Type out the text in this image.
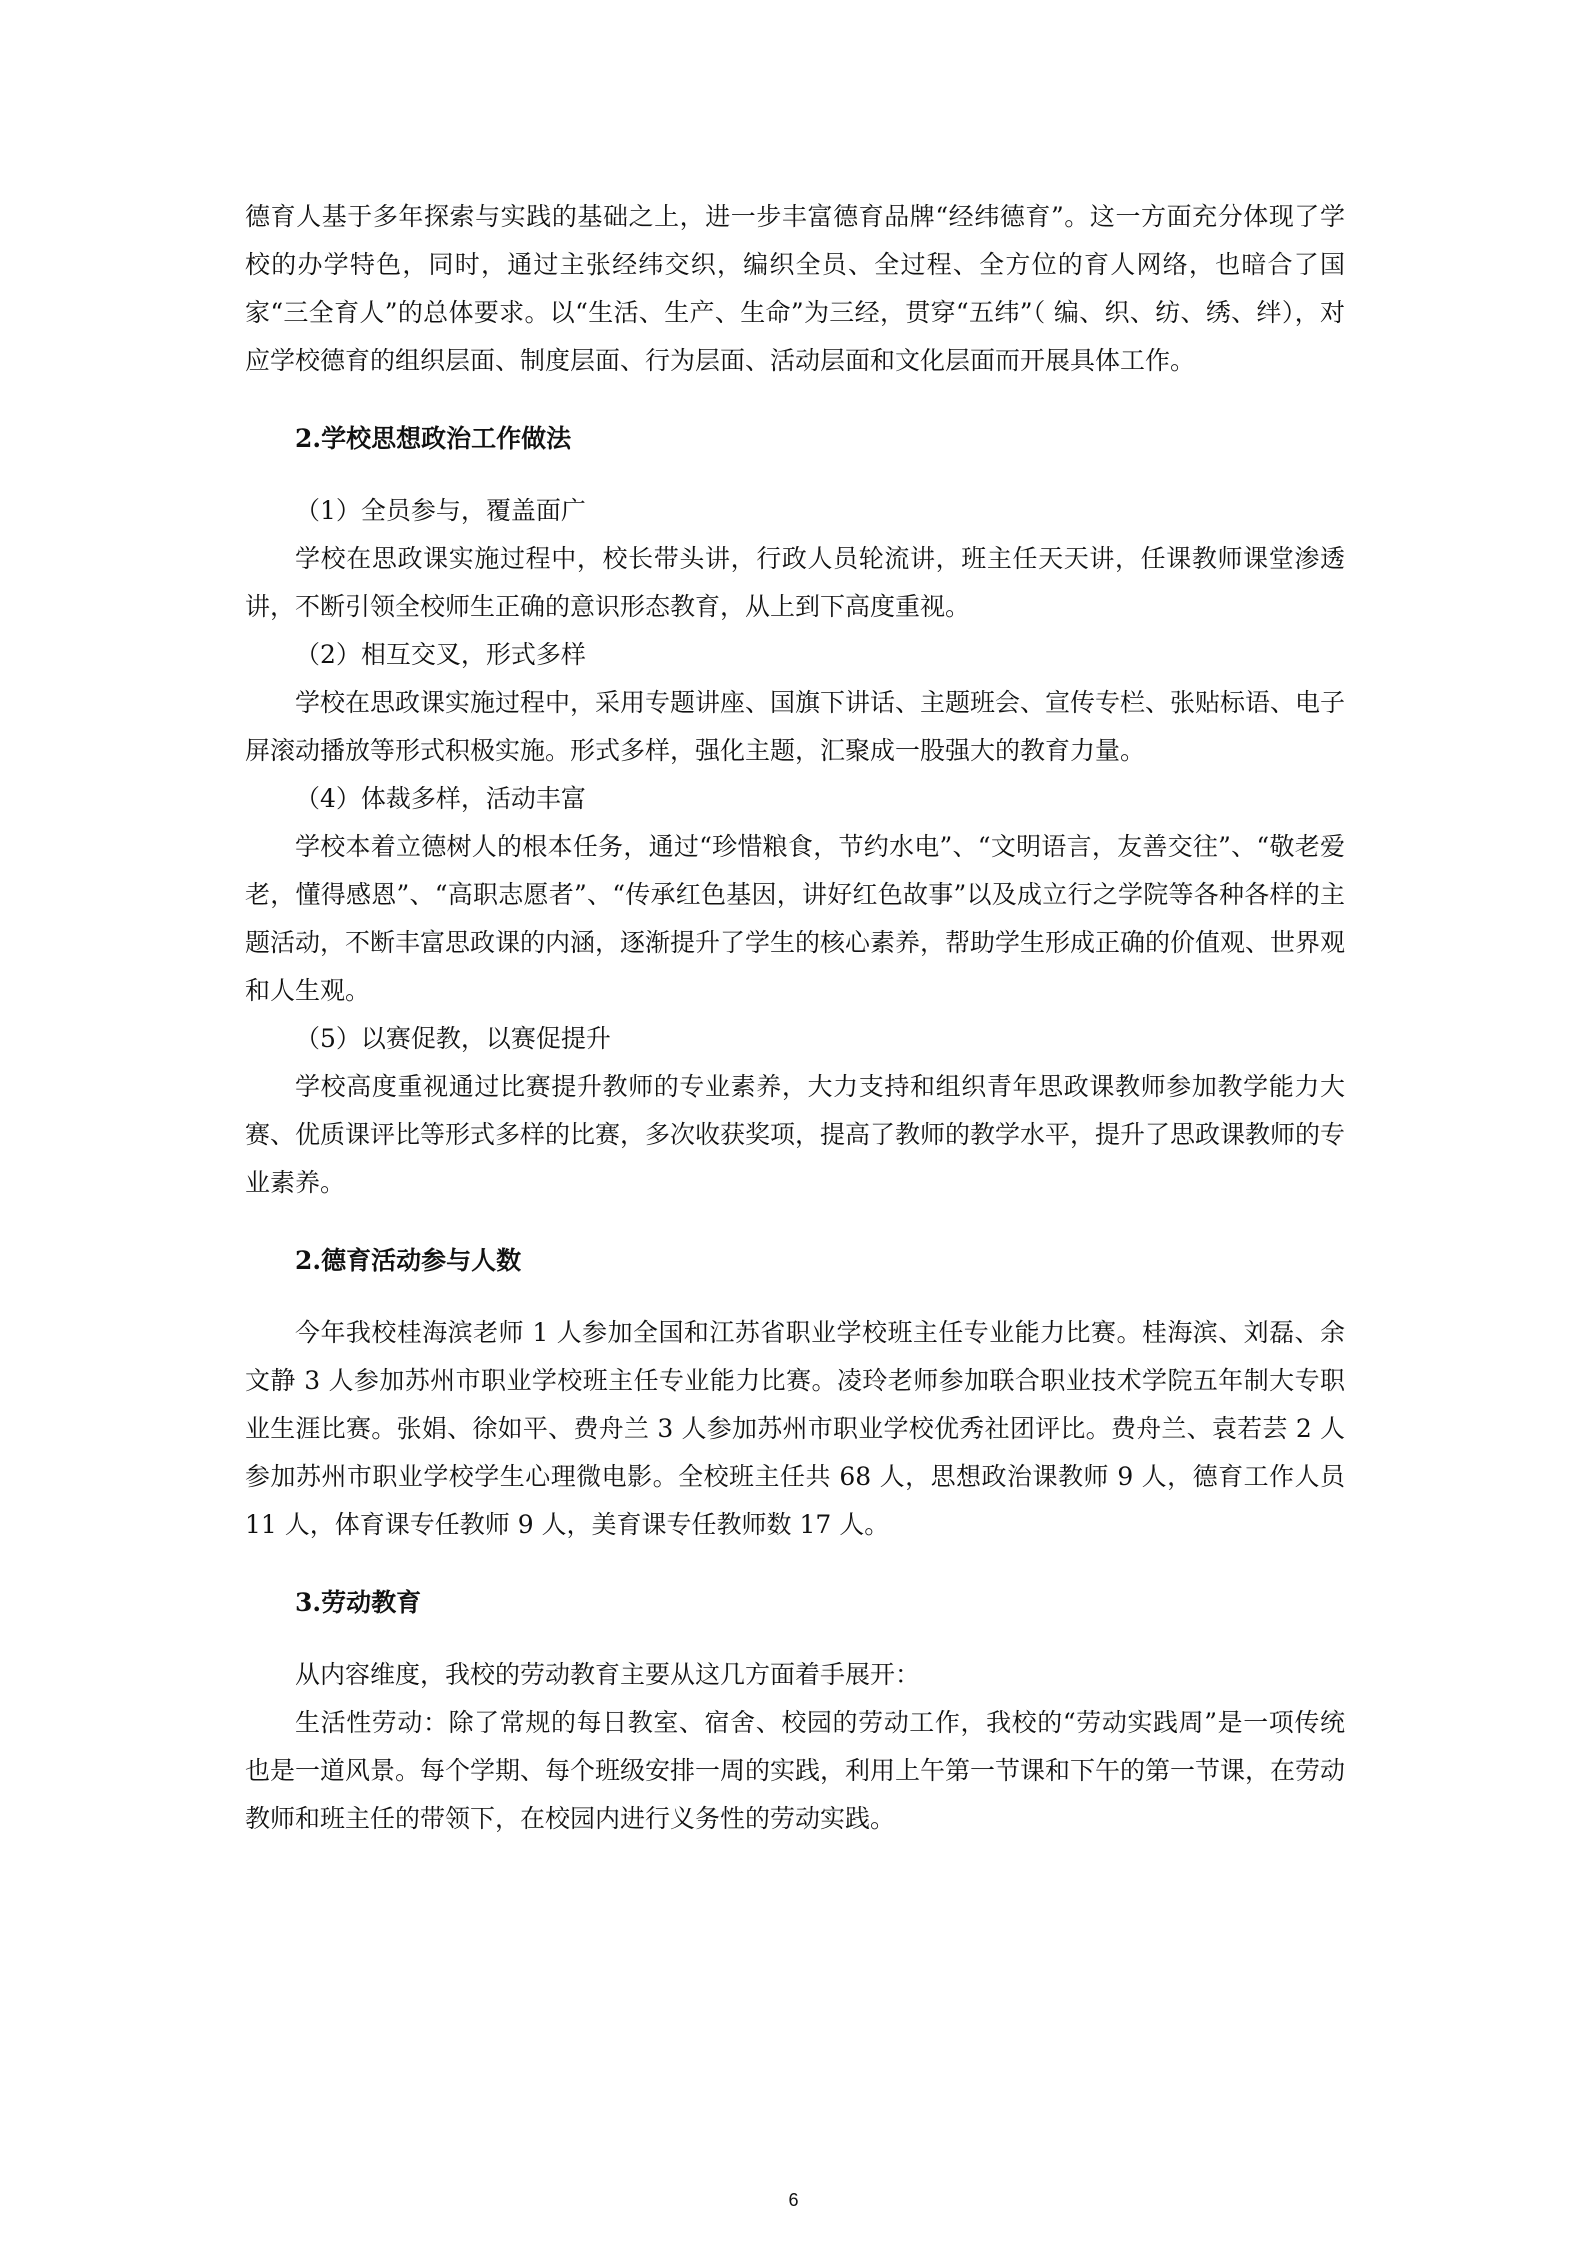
德育人基于多年探索与实践的基础之上，进一步丰富德育品牌“经纬德育”。这一方面充分体现了学校的办学特色，同时，通过主张经纬交织，编织全员、全过程、全方位的育人网络，也暗合了国家“三全育人”的总体要求。以“生活、生产、生命”为三经，贯穿“五纬”（ 编、织、纺、绣、绊），对应学校德育的组织层面、制度层面、行为层面、活动层面和文化层面而开展具体工作。

2.学校思想政治工作做法

（1）全员参与，覆盖面广

学校在思政课实施过程中，校长带头讲，行政人员轮流讲，班主任天天讲，任课教师课堂渗透讲，不断引领全校师生正确的意识形态教育，从上到下高度重视。

（2）相互交叉，形式多样

学校在思政课实施过程中，采用专题讲座、国旗下讲话、主题班会、宣传专栏、张贴标语、电子屏滚动播放等形式积极实施。形式多样，强化主题，汇聚成一股强大的教育力量。

（4）体裁多样，活动丰富

学校本着立德树人的根本任务，通过“珍惜粮食，节约水电”、“文明语言，友善交往”、“敬老爱老，懂得感恩”、“高职志愿者”、“传承红色基因，讲好红色故事”以及成立行之学院等各种各样的主题活动，不断丰富思政课的内涵，逐渐提升了学生的核心素养，帮助学生形成正确的价值观、世界观和人生观。

（5）以赛促教，以赛促提升

学校高度重视通过比赛提升教师的专业素养，大力支持和组织青年思政课教师参加教学能力大赛、优质课评比等形式多样的比赛，多次收获奖项，提高了教师的教学水平，提升了思政课教师的专业素养。

2.德育活动参与人数

今年我校桂海滨老师 1 人参加全国和江苏省职业学校班主任专业能力比赛。桂海滨、刘磊、余文静 3 人参加苏州市职业学校班主任专业能力比赛。凌玲老师参加联合职业技术学院五年制大专职业生涯比赛。张娟、徐如平、费舟兰 3 人参加苏州市职业学校优秀社团评比。费舟兰、袁若芸 2 人参加苏州市职业学校学生心理微电影。全校班主任共 68 人，思想政治课教师 9 人，德育工作人员 11 人，体育课专任教师 9 人，美育课专任教师数 17 人。

3.劳动教育

从内容维度，我校的劳动教育主要从这几方面着手展开：

生活性劳动：除了常规的每日教室、宿舍、校园的劳动工作，我校的“劳动实践周”是一项传统也是一道风景。每个学期、每个班级安排一周的实践，利用上午第一节课和下午的第一节课，在劳动教师和班主任的带领下，在校园内进行义务性的劳动实践。

6
